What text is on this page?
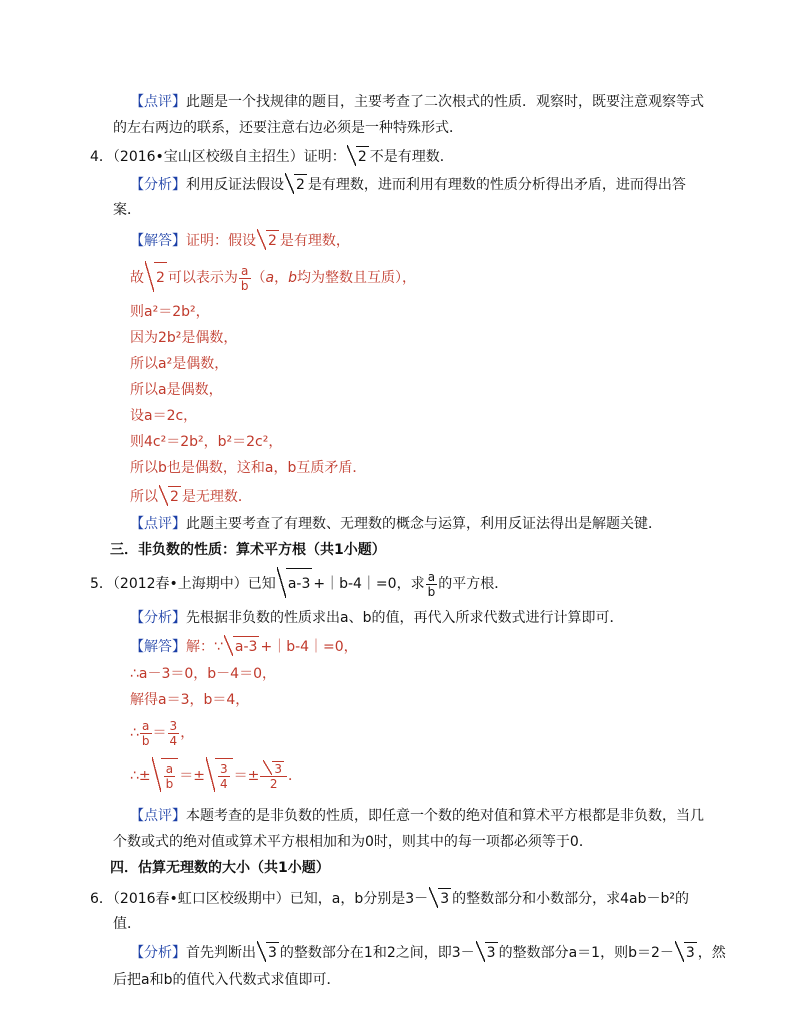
【点评】此题是一个找规律的题目，主要考查了二次根式的性质．观察时，既要注意观察等式
的左右两边的联系，还要注意右边必须是一种特殊形式．
4．（2016•宝山区校级自主招生）证明： 2 不是有理数．
【分析】利用反证法假设 2 是有理数，进而利用有理数的性质分析得出矛盾，进而得出答
案．
【解答】证明：假设 2 是有理数，
故 2 可以表示为 $\frac{a}{b} (a$，b均为整数且互质），
则a²＝2b²，
因为2b²是偶数，
所以a²是偶数，
所以a是偶数，
设a＝2c，
则4c²＝2b²，b²＝2c²，
所以b也是偶数，这和a，b互质矛盾．
所以 2 是无理数．
【点评】此题主要考查了有理数、无理数的概念与运算，利用反证法得出是解题关键．
三．非负数的性质：算术平方根（共1小题）
5．（2012春•上海期中）已知 a-3 +｜b-4｜=0，求 $\frac{a}{b}$ 的平方根．
【分析】先根据非负数的性质求出a、b的值，再代入所求代数式进行计算即可．
【解答】解：∵ a-3 +｜b-4｜=0，
∴a－3＝0，b－4＝0，
解得a＝3，b＝4，
∴ $\frac{a}{b} = \frac{3}{4}$ ，
∴± $\frac{a}{b} =\pm \frac{3}{4} =\pm \frac{3}{2}$ ．
【点评】本题考查的是非负数的性质，即任意一个数的绝对值和算术平方根都是非负数，当几
个数或式的绝对值或算术平方根相加和为0时，则其中的每一项都必须等于0．
四．估算无理数的大小（共1小题）
6．（2016春•虹口区校级期中）已知，a，b分别是3－ 3 的整数部分和小数部分，求4ab－b²的
值．
【分析】首先判断出 3 的整数部分在1和2之间，即3－ 3 的整数部分a＝1，则b＝2－ 3 ，然
后把a和b的值代入代数式求值即可．
